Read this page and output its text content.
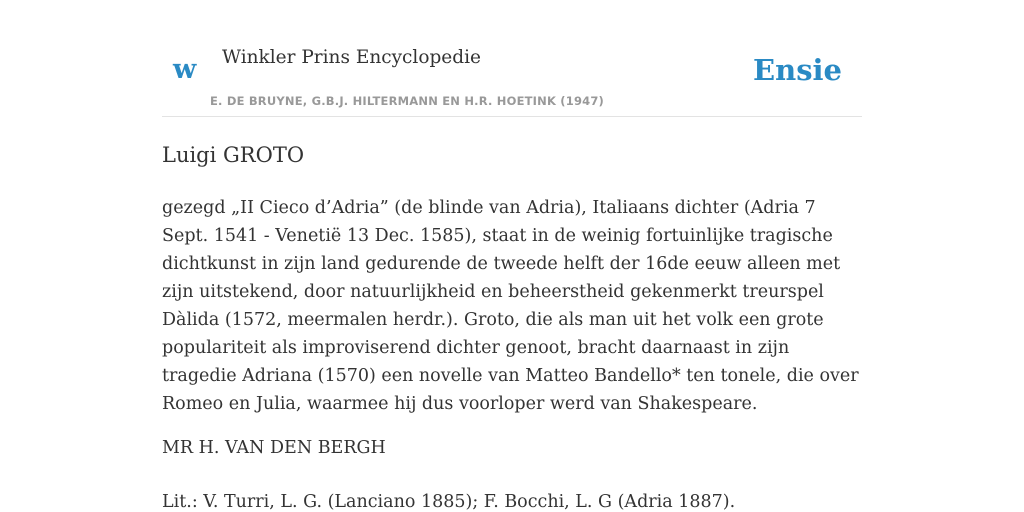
w Winkler Prins Encyclopedie
E. DE BRUYNE, G.B.J. HILTERMANN EN H.R. HOETINK (1947)
Ensie
Luigi GROTO

gezegd „II Cieco d’Adria” (de blinde van Adria), Italiaans dichter (Adria 7 Sept. 1541 - Venetië 13 Dec. 1585), staat in de weinig fortuinlijke tragische dichtkunst in zijn land gedurende de tweede helft der 16de eeuw alleen met zijn uitstekend, door natuurlijkheid en beheerstheid gekenmerkt treurspel Dàlida (1572, meermalen herdr.). Groto, die als man uit het volk een grote populariteit als improviserend dichter genoot, bracht daarnaast in zijn tragedie Adriana (1570) een novelle van Matteo Bandello* ten tonele, die over Romeo en Julia, waarmee hij dus voorloper werd van Shakespeare.

MR H. VAN DEN BERGH

Lit.: V. Turri, L. G. (Lanciano 1885); F. Bocchi, L. G (Adria 1887).
